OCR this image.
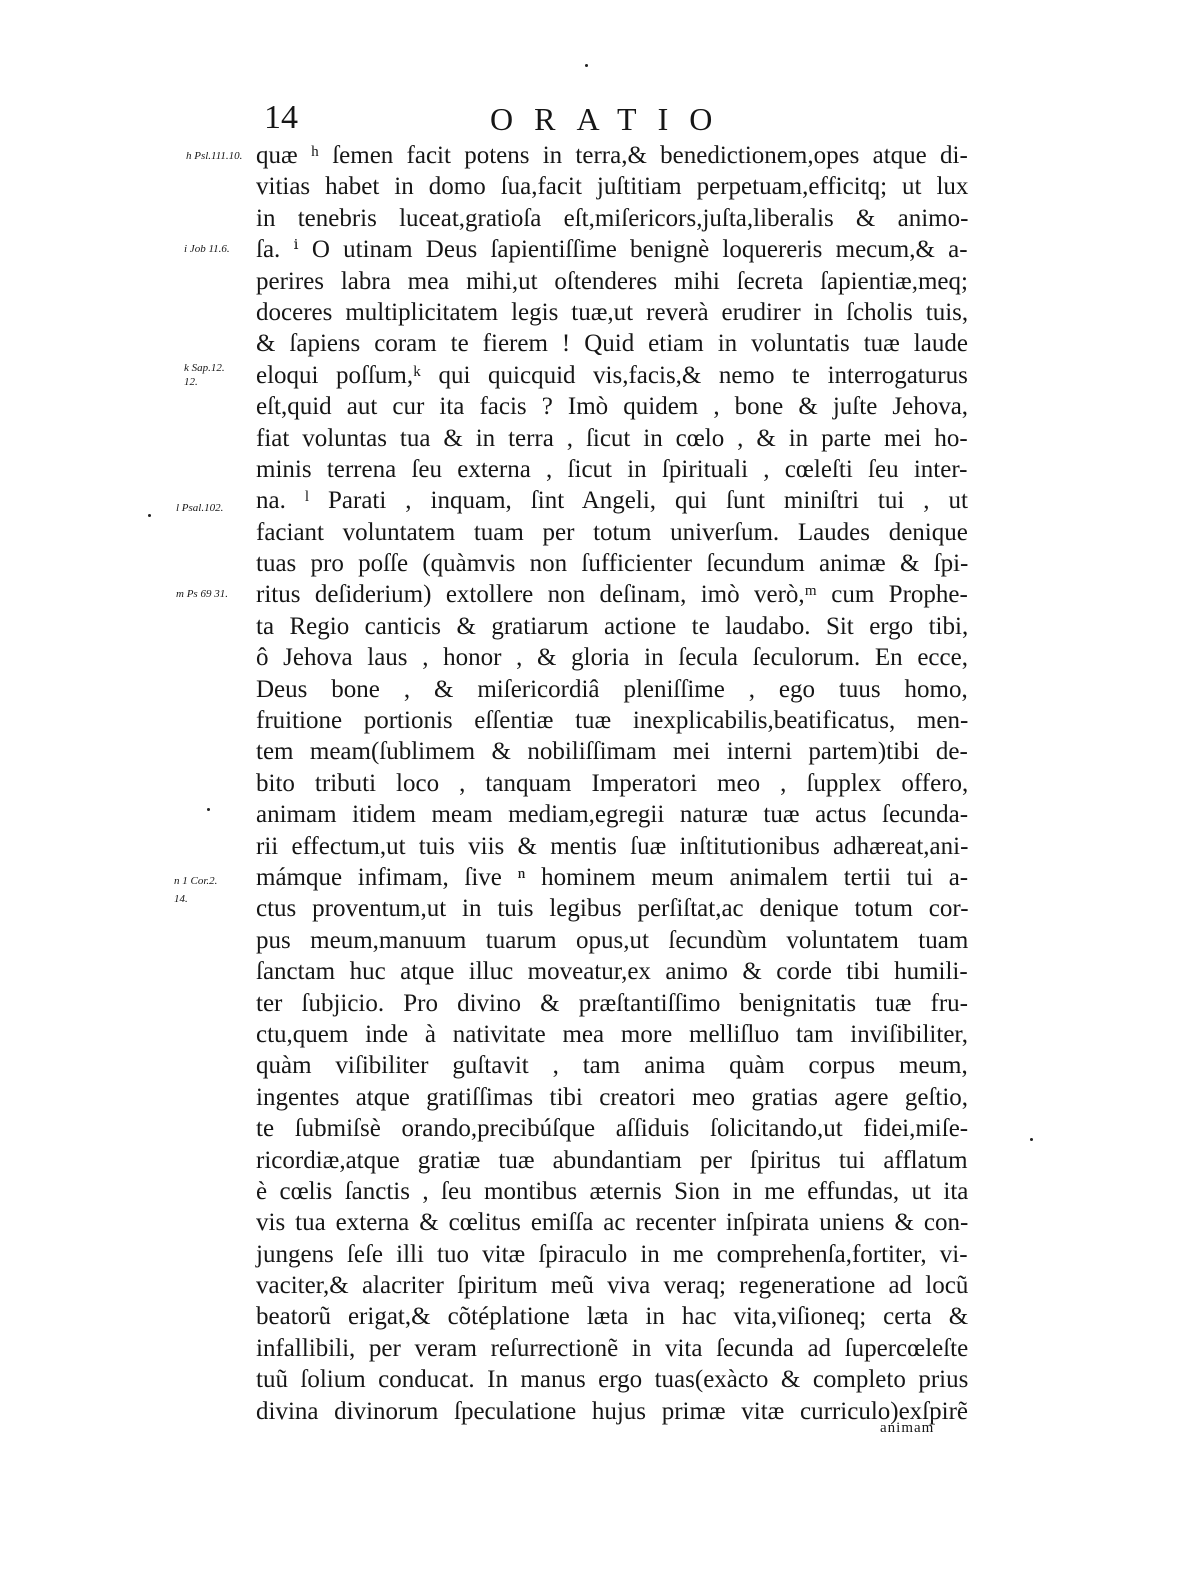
14	ORATIO
h Psl.111.10.
i Job 11.6.
k Sap.12.
12.
l Psal.102.
m Ps 69 31.
n 1 Cor.2.
14.
quæ ʰ ſemen facit potens in terra,& benedictionem,opes atque di-
vitias habet in domo ſua,facit juſtitiam perpetuam,efficitq; ut lux
in tenebris luceat,gratioſa eſt,miſericors,juſta,liberalis & animo-
ſa. ⁱ O utinam Deus ſapientiſſime benignè loquereris mecum,& a-
perires labra mea mihi,ut oſtenderes mihi ſecreta ſapientiæ,meq;
doceres multiplicitatem legis tuæ,ut reverà erudirer in ſcholis tuis,
& ſapiens coram te fierem ! Quid etiam in voluntatis tuæ laude
eloqui poſſum,ᵏ qui quicquid vis,facis,& nemo te interrogaturus
eſt,quid aut cur ita facis ? Imò quidem , bone & juſte Jehova,
fiat voluntas tua & in terra , ſicut in cœlo , & in parte mei ho-
minis terrena ſeu externa , ſicut in ſpirituali , cœleſti ſeu inter-
na. ˡ Parati , inquam, ſint Angeli, qui ſunt miniſtri tui , ut
faciant voluntatem tuam per totum univerſum. Laudes denique
tuas pro poſſe (quàmvis non ſufficienter ſecundum animæ & ſpi-
ritus deſiderium) extollere non deſinam, imò verò,ᵐ cum Prophe-
ta Regio canticis & gratiarum actione te laudabo. Sit ergo tibi,
ô Jehova laus , honor , & gloria in ſecula ſeculorum. En ecce,
Deus bone , & miſericordiâ pleniſſime , ego tuus homo,
fruitione portionis eſſentiæ tuæ inexplicabilis,beatificatus, men-
tem meam(ſublimem & nobiliſſimam mei interni partem)tibi de-
bito tributi loco , tanquam Imperatori meo , ſupplex offero,
animam itidem meam mediam,egregii naturæ tuæ actus ſecunda-
rii effectum,ut tuis viis & mentis ſuæ inſtitutionibus adhæreat,ani-
mámque infimam, ſive ⁿ hominem meum animalem tertii tui a-
ctus proventum,ut in tuis legibus perſiſtat,ac denique totum cor-
pus meum,manuum tuarum opus,ut ſecundùm voluntatem tuam
ſanctam huc atque illuc moveatur,ex animo & corde tibi humili-
ter ſubjicio. Pro divino & præſtantiſſimo benignitatis tuæ fru-
ctu,quem inde à nativitate mea more melliſluo tam inviſibiliter,
quàm viſibiliter guſtavit , tam anima quàm corpus meum,
ingentes atque gratiſſimas tibi creatori meo gratias agere geſtio,
te ſubmiſsè orando,precibúſque aſſiduis ſolicitando,ut fidei,miſe-
ricordiæ,atque gratiæ tuæ abundantiam per ſpiritus tui afflatum
è cœlis ſanctis , ſeu montibus æternis Sion in me effundas, ut ita
vis tua externa & cœlitus emiſſa ac recenter inſpirata uniens & con-
jungens ſeſe illi tuo vitæ ſpiraculo in me comprehenſa,fortiter, vi-
vaciter,& alacriter ſpiritum meũ viva veraq; regeneratione ad locũ
beatorũ erigat,& cõtéplatione læta in hac vita,viſioneq; certa &
infallibili, per veram reſurrectionẽ in vita ſecunda ad ſupercœleſte
tuũ ſolium conducat. In manus ergo tuas(exàcto & completo prius
divina divinorum ſpeculatione hujus primæ vitæ curriculo)exſpirẽ
animam
